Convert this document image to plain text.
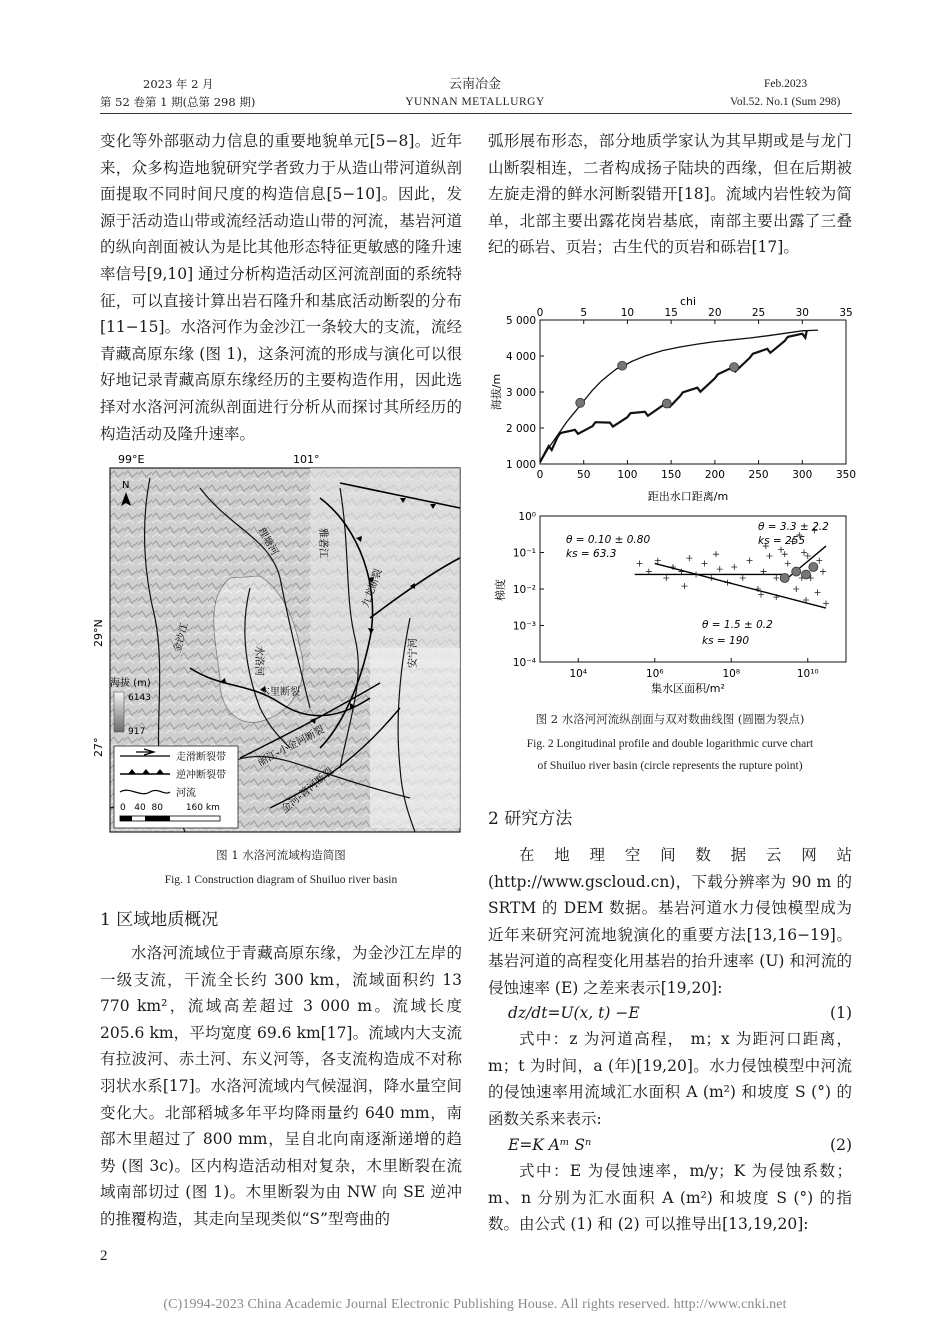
2023 年 2 月
第 52 卷第 1 期(总第 298 期)
云南冶金
YUNNAN METALLURGY
Feb.2023
Vol.52. No.1 (Sum 298)

变化等外部驱动力信息的重要地貌单元[5−8]。近年来，众多构造地貌研究学者致力于从造山带河道纵剖面提取不同时间尺度的构造信息[5−10]。因此，发源于活动造山带或流经活动造山带的河流，基岩河道的纵向剖面被认为是比其他形态特征更敏感的隆升速率信号[9,10] 通过分析构造活动区河流剖面的系统特征，可以直接计算出岩石隆升和基底活动断裂的分布[11−15]。水洛河作为金沙江一条较大的支流，流经青藏高原东缘 (图 1)，这条河流的形成与演化可以很好地记录青藏高原东缘经历的主要构造作用，因此选择对水洛河河流纵剖面进行分析从而探讨其所经历的构造活动及隆升速率。

99°E	101°
29°N
27°
N
理塘河	雅砻江
九龙断裂
水洛河
金沙江
木里断裂
丽江-小金河断裂
金河-箐河断裂
安宁河
海拔 (m)
6143
917
走滑断裂带
逆冲断裂带
河流
0   40  80        160 km
图 1 水洛河流域构造简图
Fig. 1 Construction diagram of Shuiluo river basin
1 区域地质概况

水洛河流域位于青藏高原东缘，为金沙江左岸的一级支流，干流全长约 300 km，流域面积约 13 770 km²，流域高差超过 3 000 m。流域长度 205.6 km，平均宽度 69.6 km[17]。流域内大支流有拉波河、赤土河、东义河等，各支流构造成不对称羽状水系[17]。水洛河流域内气候湿润，降水量空间变化大。北部稻城多年平均降雨量约 640 mm，南部木里超过了 800 mm，呈自北向南逐渐递增的趋势 (图 3c)。区内构造活动相对复杂，木里断裂在流域南部切过 (图 1)。木里断裂为由 NW 向 SE 逆冲的推覆构造，其走向呈现类似“S”型弯曲的

2

弧形展布形态，部分地质学家认为其早期或是与龙门山断裂相连，二者构成扬子陆块的西缘，但在后期被左旋走滑的鲜水河断裂错开[18]。流域内岩性较为简单，北部主要出露花岗岩基底，南部主要出露了三叠纪的砾岩、页岩；古生代的页岩和砾岩[17]。

chi
距出水口距离/m
海拔/m
0	50	100 150 200 250 300 350
0	5	10	15	20	25	30	35
1 000
2 000
3 000
4 000
5 000
集水区面积/m²
梯度
10⁴	10⁶	10⁸	10¹⁰
10⁰
10⁻¹
10⁻²
10⁻³
10⁻⁴
θ = 0.10 ± 0.80
ks = 63.3
θ = 3.3 ± 2.2
ks = 255
θ = 1.5 ± 0.2
ks = 190
图 2 水洛河河流纵剖面与双对数曲线图 (圆圈为裂点)
Fig. 2 Longitudinal profile and double logarithmic curve chart
of Shuiluo river basin (circle represents the rupture point)
2 研究方法

在地理空间数据云网站 (http://www.gscloud.cn)，下载分辨率为 90 m 的 SRTM 的 DEM 数据。基岩河道水力侵蚀模型成为近年来研究河流地貌演化的重要方法[13,16−19]。基岩河道的高程变化用基岩的抬升速率 (U) 和河流的侵蚀速率 (E) 之差来表示[19,20]:

dz/dt=U(x, t) −E	(1)

式中：z 为河道高程， m；x 为距河口距离，m；t 为时间，a (年)[19,20]。水力侵蚀模型中河流的侵蚀速率用流域汇水面积 A (m²) 和坡度 S (°) 的函数关系来表示:

E=K Aᵐ Sⁿ	(2)

式中：E 为侵蚀速率，m/y；K 为侵蚀系数；m、n 分别为汇水面积 A (m²) 和坡度 S (°) 的指数。由公式 (1) 和 (2) 可以推导出[13,19,20]:

(C)1994-2023 China Academic Journal Electronic Publishing House. All rights reserved. http://www.cnki.net
